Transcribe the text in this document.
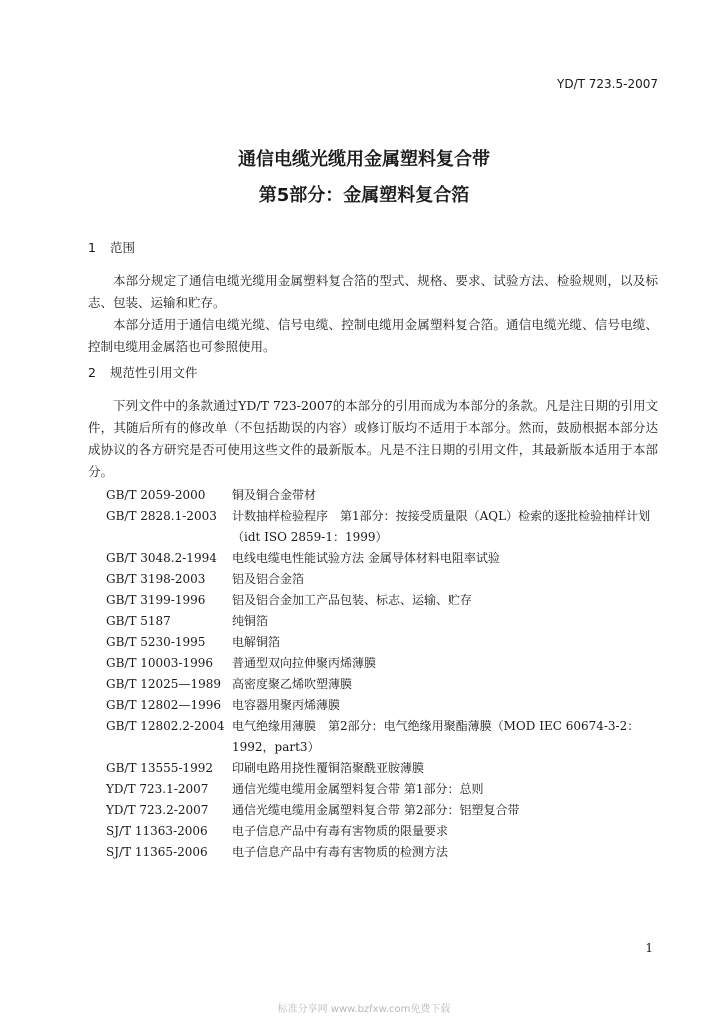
YD/T 723.5-2007
通信电缆光缆用金属塑料复合带
第5部分：金属塑料复合箔
1 范围
本部分规定了通信电缆光缆用金属塑料复合箔的型式、规格、要求、试验方法、检验规则，以及标志、包装、运输和贮存。
本部分适用于通信电缆光缆、信号电缆、控制电缆用金属塑料复合箔。通信电缆光缆、信号电缆、控制电缆用金属箔也可参照使用。
2 规范性引用文件
下列文件中的条款通过YD/T 723-2007的本部分的引用而成为本部分的条款。凡是注日期的引用文件，其随后所有的修改单（不包括勘误的内容）或修订版均不适用于本部分。然而，鼓励根据本部分达成协议的各方研究是否可使用这些文件的最新版本。凡是不注日期的引用文件，其最新版本适用于本部分。
GB/T 2059-2000	铜及铜合金带材
GB/T 2828.1-2003	计数抽样检验程序　第1部分：按接受质量限（AQL）检索的逐批检验抽样计划（idt ISO 2859-1：1999）
GB/T 3048.2-1994	电线电缆电性能试验方法 金属导体材料电阻率试验
GB/T 3198-2003	铝及铝合金箔
GB/T 3199-1996	铝及铝合金加工产品包装、标志、运输、贮存
GB/T 5187	纯铜箔
GB/T 5230-1995	电解铜箔
GB/T 10003-1996	普通型双向拉伸聚丙烯薄膜
GB/T 12025—1989 高密度聚乙烯吹塑薄膜
GB/T 12802—1996 电容器用聚丙烯薄膜
GB/T 12802.2-2004 电气绝缘用薄膜　第2部分：电气绝缘用聚酯薄膜（MOD IEC 60674-3-2：1992，part3）
GB/T 13555-1992	印刷电路用挠性覆铜箔聚酰亚胺薄膜
YD/T 723.1-2007	通信光缆电缆用金属塑料复合带 第1部分：总则
YD/T 723.2-2007	通信光缆电缆用金属塑料复合带 第2部分：铝塑复合带
SJ/T 11363-2006	电子信息产品中有毒有害物质的限量要求
SJ/T 11365-2006	电子信息产品中有毒有害物质的检测方法
1
标准分享网 www.bzfxw.com免费下载
